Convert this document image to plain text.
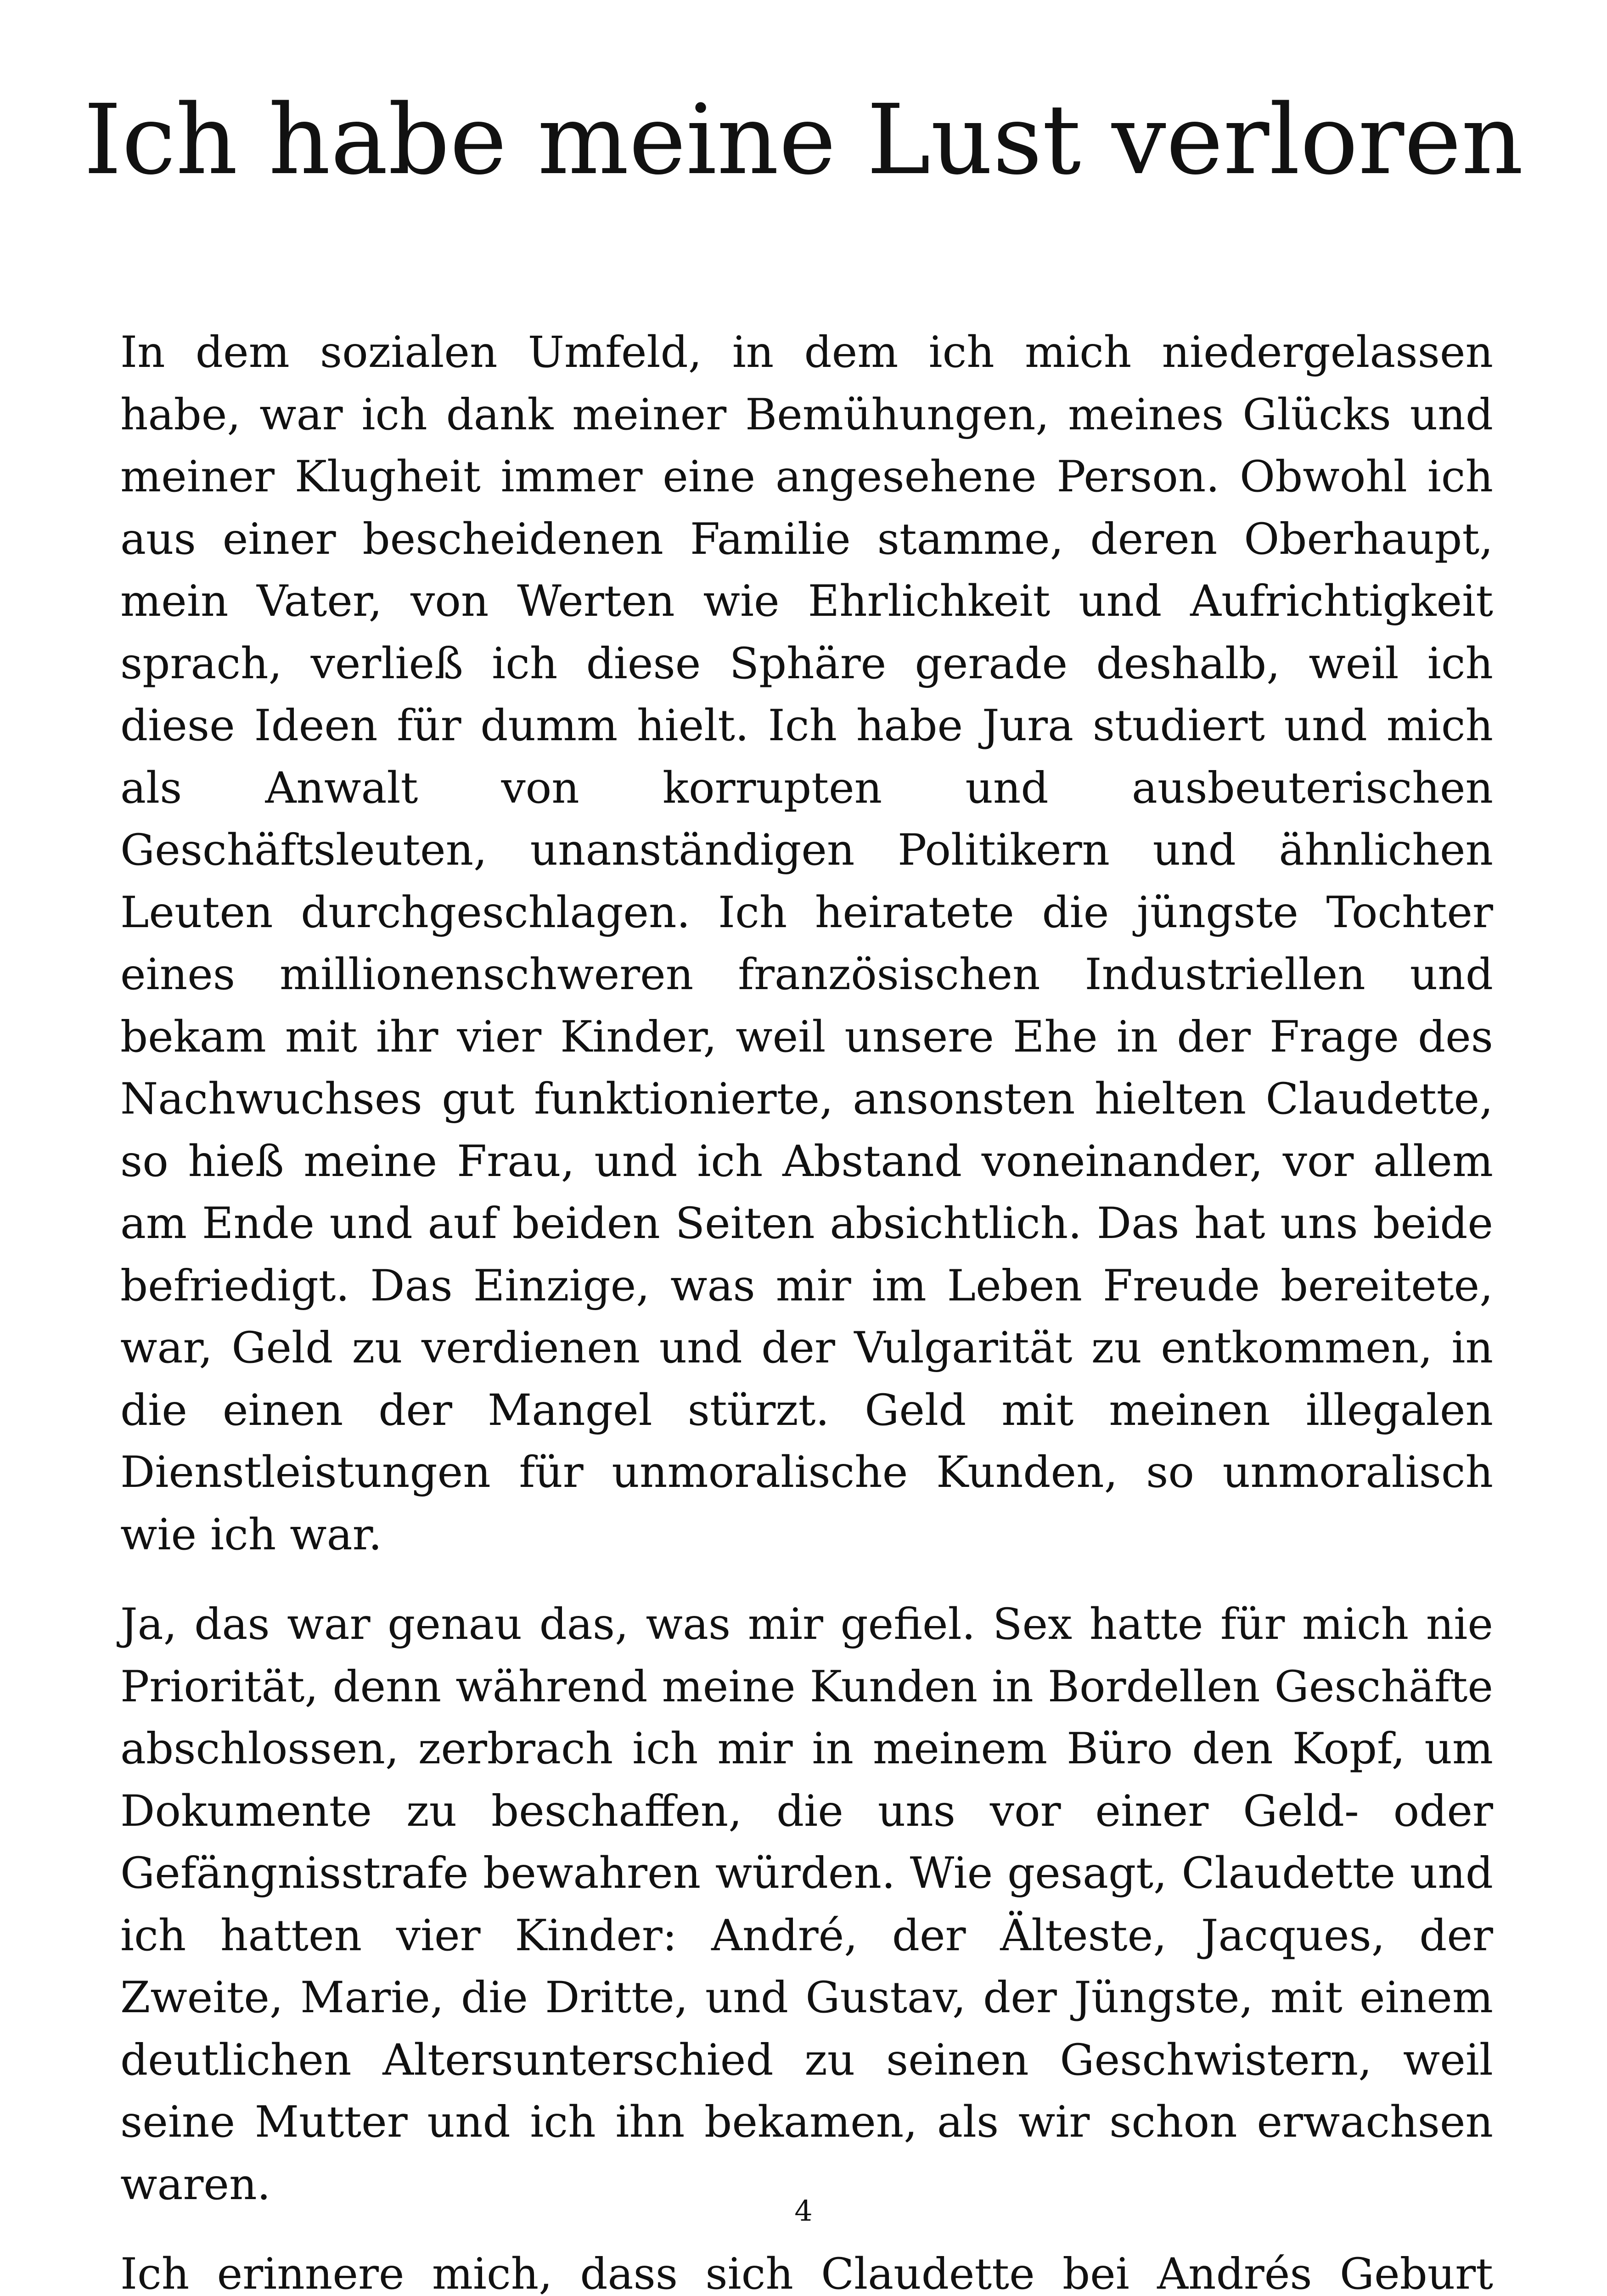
Ich habe meine Lust verloren

In dem sozialen Umfeld, in dem ich mich niedergelassen habe, war ich dank meiner Bemühungen, meines Glücks und meiner Klugheit immer eine angesehene Person. Obwohl ich aus einer bescheidenen Familie stamme, deren Oberhaupt, mein Vater, von Werten wie Ehrlichkeit und Aufrichtigkeit sprach, verließ ich diese Sphäre gerade deshalb, weil ich diese Ideen für dumm hielt. Ich habe Jura studiert und mich als Anwalt von korrupten und ausbeuterischen Geschäftsleuten, unanständigen Politikern und ähnlichen Leuten durchgeschlagen. Ich heiratete die jüngste Tochter eines millionenschweren französischen Industriellen und bekam mit ihr vier Kinder, weil unsere Ehe in der Frage des Nachwuchses gut funktionierte, ansonsten hielten Claudette, so hieß meine Frau, und ich Abstand voneinander, vor allem am Ende und auf beiden Seiten absichtlich. Das hat uns beide befriedigt. Das Einzige, was mir im Leben Freude bereitete, war, Geld zu verdienen und der Vulgarität zu entkommen, in die einen der Mangel stürzt. Geld mit meinen illegalen Dienstleistungen für unmoralische Kunden, so unmoralisch wie ich war.

Ja, das war genau das, was mir gefiel. Sex hatte für mich nie Priorität, denn während meine Kunden in Bordellen Geschäfte abschlossen, zerbrach ich mir in meinem Büro den Kopf, um Dokumente zu beschaffen, die uns vor einer Geld- oder Gefängnisstrafe bewahren würden. Wie gesagt, Claudette und ich hatten vier Kinder: André, der Älteste, Jacques, der Zweite, Marie, die Dritte, und Gustav, der Jüngste, mit einem deutlichen Altersunterschied zu seinen Geschwistern, weil seine Mutter und ich ihn bekamen, als wir schon erwachsen waren.

Ich erinnere mich, dass sich Claudette bei Andrés Geburt

4
